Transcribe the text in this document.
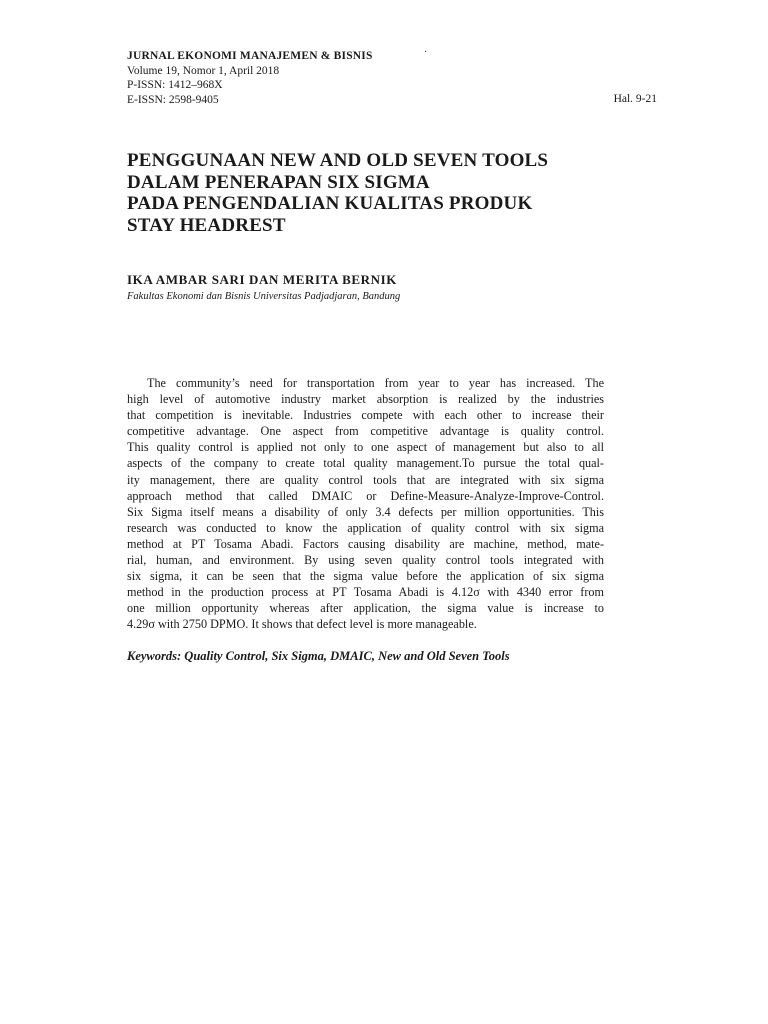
JURNAL EKONOMI MANAJEMEN & BISNIS	·
Volume 19, Nomor 1, April 2018
P-ISSN: 1412–968X
E-ISSN: 2598-9405	Hal. 9-21
PENGGUNAAN NEW AND OLD SEVEN TOOLS
DALAM PENERAPAN SIX SIGMA
PADA PENGENDALIAN KUALITAS PRODUK
STAY HEADREST
IKA AMBAR SARI DAN MERITA BERNIK
Fakultas Ekonomi dan Bisnis Universitas Padjadjaran, Bandung

The community’s need for transportation from year to year has increased. The
high level of automotive industry market absorption is realized by the industries
that competition is inevitable. Industries compete with each other to increase their
competitive advantage. One aspect from competitive advantage is quality control.
This quality control is applied not only to one aspect of management but also to all
aspects of the company to create total quality management.To pursue the total qual-
ity management, there are quality control tools that are integrated with six sigma
approach method that called DMAIC or Define-Measure-Analyze-Improve-Control.
Six Sigma itself means a disability of only 3.4 defects per million opportunities. This
research was conducted to know the application of quality control with six sigma
method at PT Tosama Abadi. Factors causing disability are machine, method, mate-
rial, human, and environment. By using seven quality control tools integrated with
six sigma, it can be seen that the sigma value before the application of six sigma
method in the production process at PT Tosama Abadi is 4.12σ with 4340 error from
one million opportunity whereas after application, the sigma value is increase to
4.29σ with 2750 DPMO. It shows that defect level is more manageable.

Keywords: Quality Control, Six Sigma, DMAIC, New and Old Seven Tools
